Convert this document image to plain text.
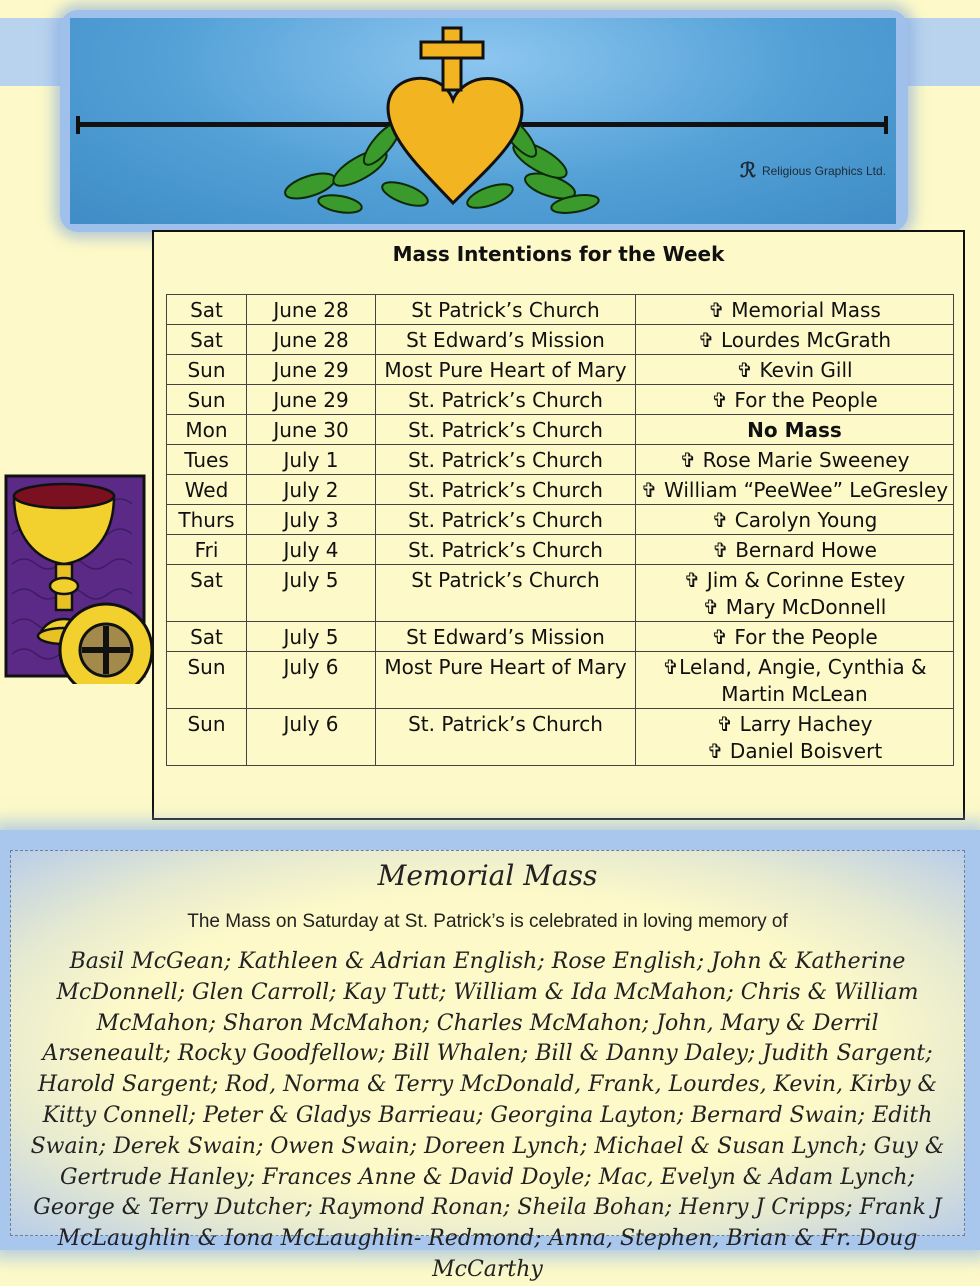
ℛ Religious Graphics Ltd.
Mass Intentions for the Week
Sat	June 28	St Patrick’s Church	✞ Memorial Mass

Sat	June 28	St Edward’s Mission	✞ Lourdes McGrath

Sun	June 29	Most Pure Heart of Mary	✞ Kevin Gill

Sun	June 29	St. Patrick’s Church	✞ For the People

Mon	June 30	St. Patrick’s Church	No Mass

Tues	July 1	St. Patrick’s Church	✞ Rose Marie Sweeney

Wed	July 2	St. Patrick’s Church	✞ William “PeeWee” LeGresley

Thurs	July 3	St. Patrick’s Church	✞ Carolyn Young

Fri	July 4	St. Patrick’s Church	✞ Bernard Howe

Sat	July 5	St Patrick’s Church	✞ Jim & Corinne Estey
✞ Mary McDonnell

Sat	July 5	St Edward’s Mission	✞ For the People

Sun	July 6	Most Pure Heart of Mary	✞Leland, Angie, Cynthia & Martin McLean

Sun	July 6	St. Patrick’s Church	✞ Larry Hachey
✞ Daniel Boisvert
Memorial Mass
The Mass on Saturday at St. Patrick’s is celebrated in loving memory of
Basil McGean; Kathleen & Adrian English; Rose English; John & Katherine McDonnell; Glen Carroll; Kay Tutt; William & Ida McMahon; Chris & William McMahon; Sharon McMahon; Charles McMahon; John, Mary & Derril Arseneault; Rocky Goodfellow; Bill Whalen; Bill & Danny Daley; Judith Sargent; Harold Sargent; Rod, Norma & Terry McDonald, Frank, Lourdes, Kevin, Kirby & Kitty Connell; Peter & Gladys Barrieau; Georgina Layton; Bernard Swain; Edith Swain; Derek Swain; Owen Swain; Doreen Lynch; Michael & Susan Lynch; Guy & Gertrude Hanley; Frances Anne & David Doyle; Mac, Evelyn & Adam Lynch; George & Terry Dutcher; Raymond Ronan; Sheila Bohan; Henry J Cripps; Frank J McLaughlin & Iona McLaughlin- Redmond; Anna, Stephen, Brian & Fr. Doug McCarthy
